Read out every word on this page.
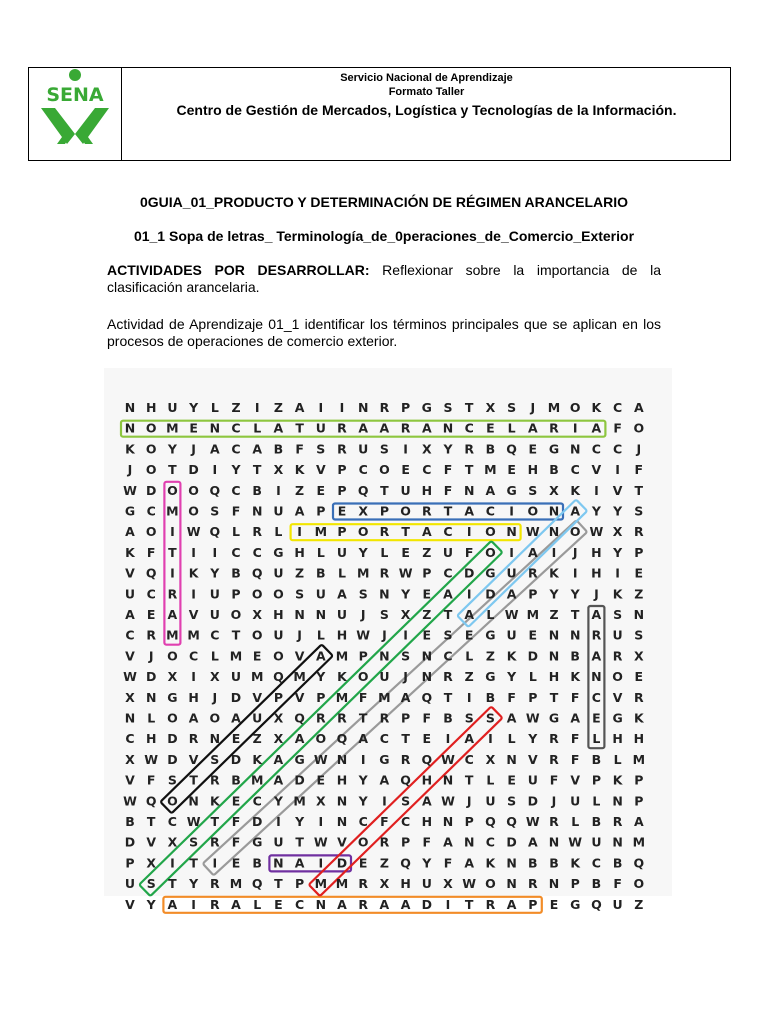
SENA
Servicio Nacional de Aprendizaje
Formato Taller
Centro de Gestión de Mercados, Logística y Tecnologías de la Información.
0GUIA_01_PRODUCTO Y DETERMINACIÓN DE RÉGIMEN ARANCELARIO
01_1 Sopa de letras_ Terminología_de_0peraciones_de_Comercio_Exterior
ACTIVIDADES POR DESARROLLAR: Reflexionar sobre la importancia de la clasificación arancelaria.
Actividad de Aprendizaje 01_1 identificar los términos principales que se aplican en los procesos de operaciones de comercio exterior.
N H U Y L Z I Z A I I N R P G S T X S J M O K C A
N O M E N C L A T U R A A R A N C E L A R I A F O
K O Y J A C A B F S R U S I X Y R B Q E G N C C J
J O T D I Y T X K V P C O E C F T M E H B C V I F
W D O O Q C B I Z E P Q T U H F N A G S X K I V T
G C M O S F N U A P E X P O R T A C I O N A Y Y S
A O I W Q L R L I M P O R T A C I O N W N O W X R
K F T I I C C G H L U Y L E Z U F O I A I J H Y P
V Q I K Y B Q U Z B L M R W P C D G U R K I H I E
U C R I U P O O S U A S N Y E A I D A P Y Y J K Z
A E A V U O X H N N U J S X Z T A L W M Z T A S N
C R M M C T O U J L H W J I E S E G U E N N R U S
V J O C L M E O V A M P N S N C L Z K D N B A R X
W D X I X U M Q M Y K O U J N R Z G Y L H K N O E
X N G H J D V P V P M F M A Q T I B F P T F C V R
N L O A O A U X Q R R T R P F B S S A W G A E G K
C H D R N E Z X A O Q A C T E I A I L Y R F L H H
X W D V S D K A G W N I G R Q W C X N V R F B L M
V F S T R B M A D E H Y A Q H N T L E U F V P K P
W Q O N K E C Y M X N Y I S A W J U S D J U L N P
B T C W T F D I Y I N C F C H N P Q Q W R L B R A
D V X S R F G U T W V O R P F A N C D A N W U N M
P X I T I E B N A I D E Z Q Y F A K N B B K C B Q
U S T Y R M Q T P M M R X H U X W O N R N P B F O
V Y A I R A L E C N A R A A D I T R A P E G Q U Z
